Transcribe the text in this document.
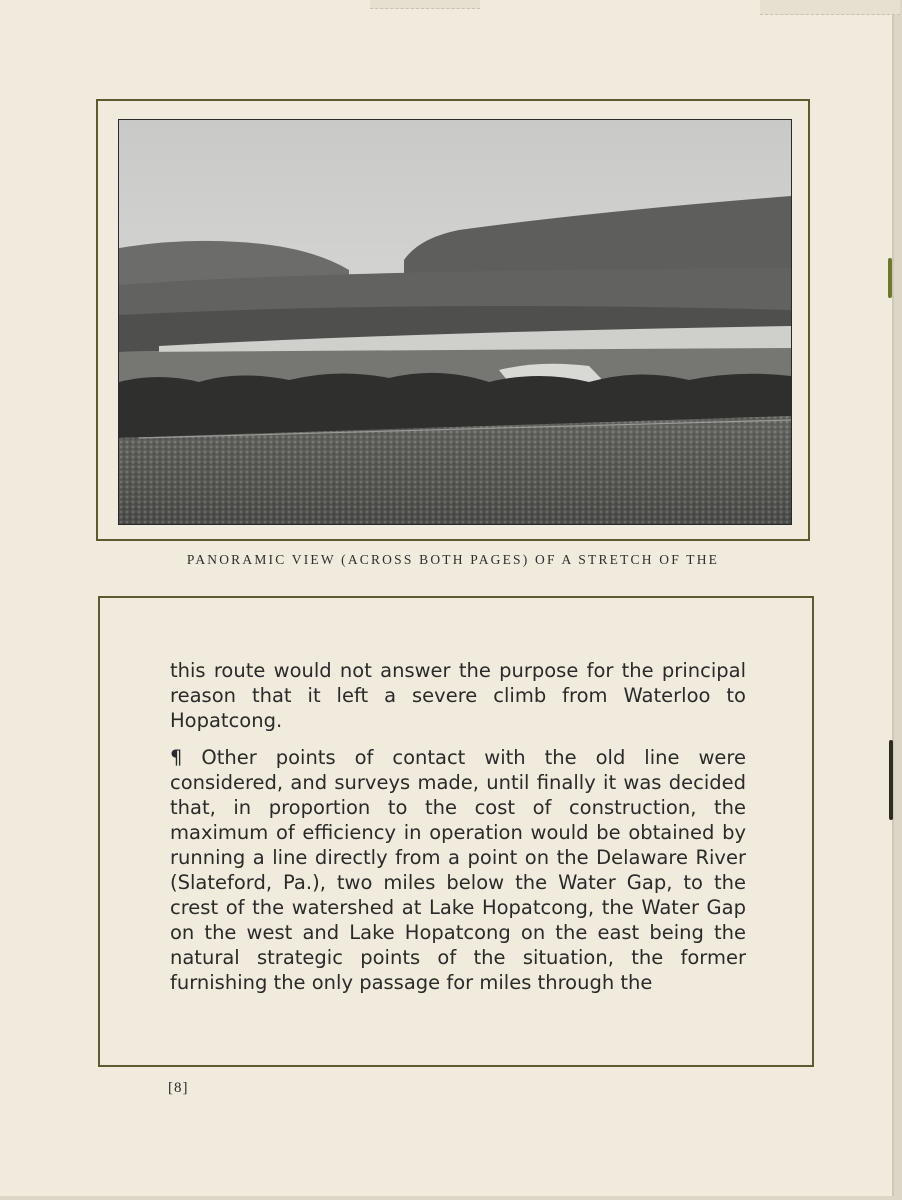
PANORAMIC VIEW (ACROSS BOTH PAGES) OF A STRETCH OF THE

this route would not answer the purpose for the principal reason that it left a severe climb from Waterloo to Hopatcong.

¶ Other points of contact with the old line were considered, and surveys made, until finally it was decided that, in proportion to the cost of construction, the maximum of efficiency in operation would be obtained by running a line directly from a point on the Delaware River (Slateford, Pa.), two miles below the Water Gap, to the crest of the watershed at Lake Hopatcong, the Water Gap on the west and Lake Hopatcong on the east being the natural strategic points of the situation, the former furnishing the only passage for miles through the

[8]
